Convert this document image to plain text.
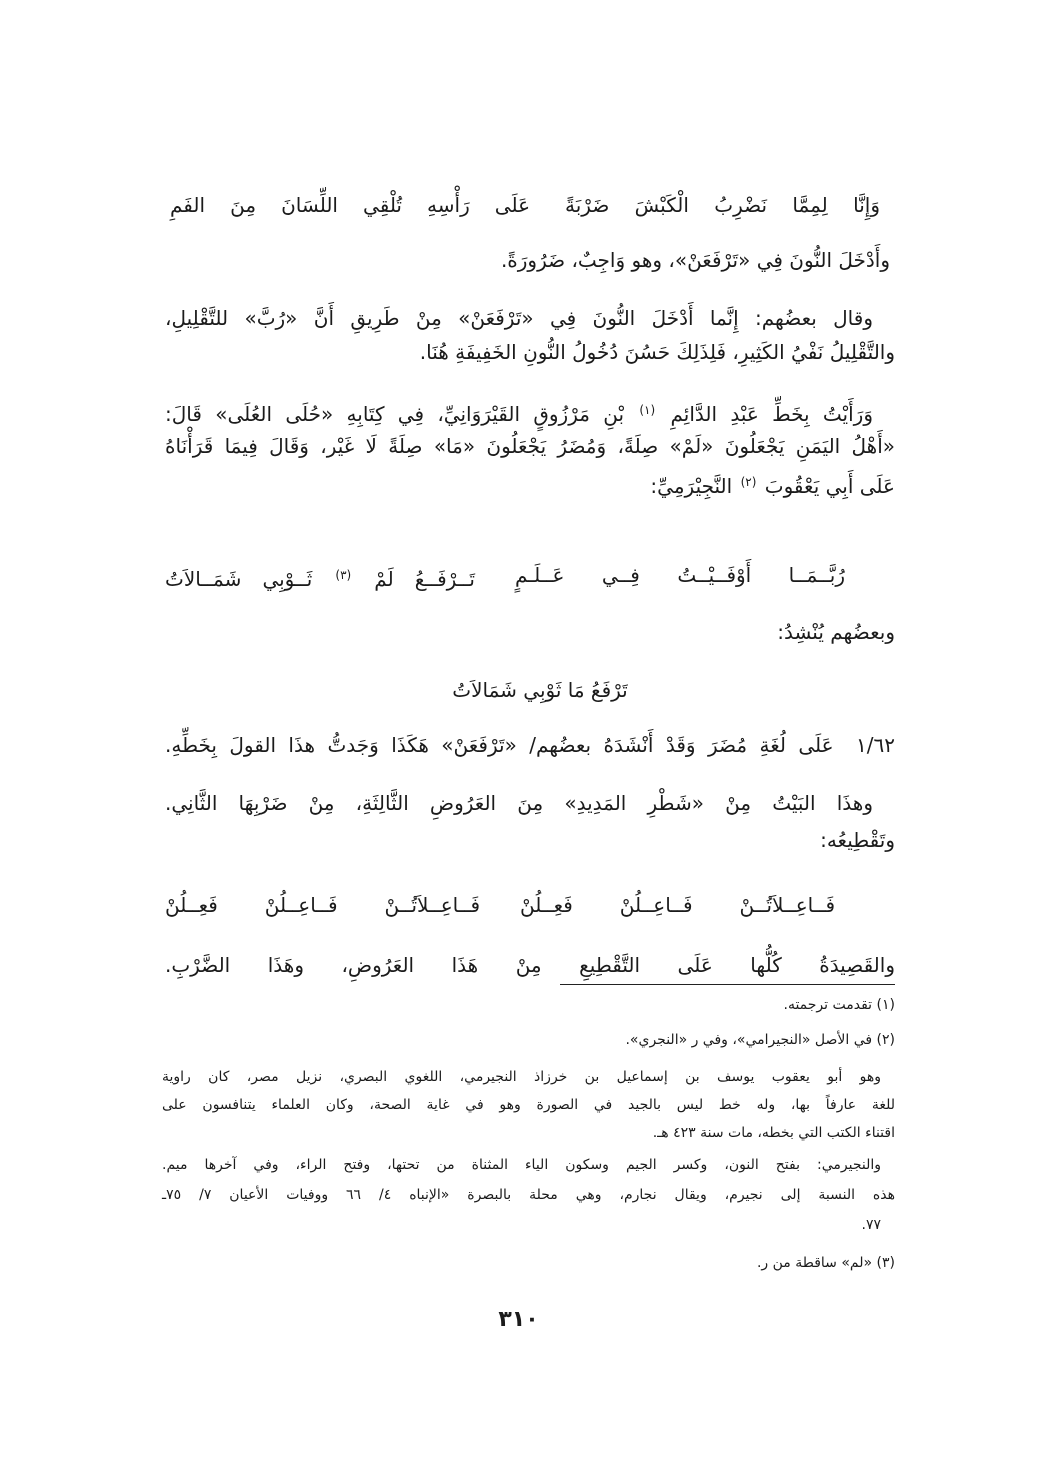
وَإِنَّا لِمِمَّا نَضْرِبُ الْكَبْشَ ضَرْبَةً
عَلَى رَأْسِهِ تُلْقِي اللِّسَانَ مِنَ الفَمِ
وأَدْخَلَ النُّونَ فِي «تَرْفَعَنْ»، وهو وَاجِبٌ، ضَرُورَةً.
وقال بعضُهم: إِنَّما أَدْخَلَ النُّونَ فِي «تَرْفَعَنْ» مِنْ طَرِيقِ أَنَّ «رُبَّ» للتَّقْلِيلِ،
والتَّقْلِيلُ نَفْيُ الكَثِيرِ، فَلِذَلِكَ حَسُنَ دُخُولُ النُّونِ الخَفِيفَةِ هُنَا.
وَرَأَيْتُ بِخَطِّ عَبْدِ الدَّائِمِ $^{(١)}$ بْنِ مَرْزُوقٍ القَيْرَوَانِيِّ، فِي كِتَابِهِ «حُلَى العُلَى» قَالَ:
«أَهْلُ اليَمَنِ يَجْعَلُونَ «لَمْ» صِلَةً، وَمُضَرُ يَجْعَلُونَ «مَا» صِلَةً لَا غَيْر، وَقَالَ فِيمَا قَرَأْنَاهُ
عَلَى أَبِي يَعْقُوبَ $^{(٢)}$ النَّجِيْرَمِيِّ:
رُبَّــمَــا أَوْفَــيْــتُ فِــي عَــلَـمٍ
تَــرْفَــعُ لَمْ $^{(٣)}$ ثَــوْبِي شَمَــالاَتُ
وبعضُهم يُنْشِدُ:
تَرْفَعُ مَا ثَوْبِي شَمَالاَتُ
١/٦٢ عَلَى لُغَةِ مُضَرَ وَقَدْ أَنْشَدَهُ بعضُهم/ «تَرْفَعَنْ» هَكَذَا وَجَدتُّ هذَا القولَ بِخَطِّهِ.
وهذَا البَيْتُ مِنْ «شَطْرِ المَدِيدِ» مِنَ العَرُوضِ الثَّالِثَةِ، مِنْ ضَرْبِهَا الثَّانِي.
وتَقْطِيعُه:
فَــاعِــلاَتُــنْ فَــاعِــلُنْ فَعِــلُنْ
فَــاعِــلاَتُــنْ فَــاعِــلُنْ فَعِــلُنْ
والقَصِيدَةُ كُلُّها عَلَى التَّقْطِيعِ مِنْ هَذَا العَرُوضِ، وهَذَا الضَّرْبِ.
(١) تقدمت ترجمته.
(٢) في الأصل «النجيرامي»، وفي ر «النجري».
وهو أبو يعقوب يوسف بن إسماعيل بن خرزاذ النجيرمي، اللغوي البصري، نزيل مصر، كان راوية
للغة عارفاً بها، وله خط ليس بالجيد في الصورة وهو في غاية الصحة، وكان العلماء يتنافسون على
اقتناء الكتب التي بخطه، مات سنة ٤٢٣ هـ.
والنجيرمي: بفتح النون، وكسر الجيم وسكون الياء المثناة من تحتها، وفتح الراء، وفي آخرها ميم.
هذه النسبة إلى نجيرم، ويقال نجارم، وهي محلة بالبصرة «الإنباه ٤/ ٦٦ ووفيات الأعيان ٧/ ٧٥ـ
٧٧.
(٣) «لم» ساقطة من ر.
٣١٠
